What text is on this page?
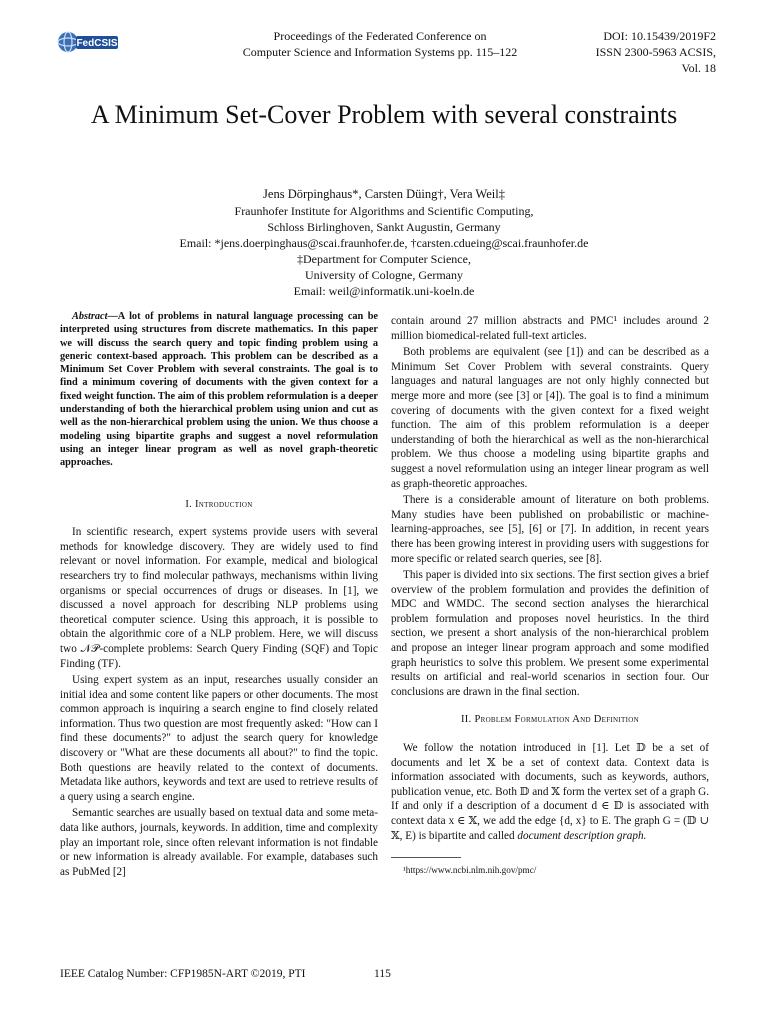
FedCSIS
Proceedings of the Federated Conference on
Computer Science and Information Systems pp. 115–122
DOI: 10.15439/2019F2
ISSN 2300-5963 ACSIS, Vol. 18
A Minimum Set-Cover Problem with several constraints
Jens Dörpinghaus*, Carsten Düing†, Vera Weil‡
Fraunhofer Institute for Algorithms and Scientific Computing,
Schloss Birlinghoven, Sankt Augustin, Germany
Email: *jens.doerpinghaus@scai.fraunhofer.de, †carsten.cdueing@scai.fraunhofer.de
‡Department for Computer Science,
University of Cologne, Germany
Email: weil@informatik.uni-koeln.de

Abstract—A lot of problems in natural language processing can be interpreted using structures from discrete mathematics. In this paper we will discuss the search query and topic finding problem using a generic context-based approach. This problem can be described as a Minimum Set Cover Problem with several constraints. The goal is to find a minimum covering of documents with the given context for a fixed weight function. The aim of this problem reformulation is a deeper understanding of both the hierarchical problem using union and cut as well as the non-hierarchical problem using the union. We thus choose a modeling using bipartite graphs and suggest a novel reformulation using an integer linear program as well as novel graph-theoretic approaches.

I. Introduction

In scientific research, expert systems provide users with several methods for knowledge discovery. They are widely used to find relevant or novel information. For example, medical and biological researchers try to find molecular pathways, mechanisms within living organisms or special occurrences of drugs or diseases. In [1], we discussed a novel approach for describing NLP problems using theoretical computer science. Using this approach, it is possible to obtain the algorithmic core of a NLP problem. Here, we will discuss two 𝒩𝒫-complete problems: Search Query Finding (SQF) and Topic Finding (TF).

Using expert system as an input, researches usually consider an initial idea and some content like papers or other documents. The most common approach is inquiring a search engine to find closely related information. Thus two question are most frequently asked: "How can I find these documents?" to adjust the search query for knowledge discovery or "What are these documents all about?" to find the topic. Both questions are heavily related to the context of documents. Metadata like authors, keywords and text are used to retrieve results of a query using a search engine.

Semantic searches are usually based on textual data and some meta-data like authors, journals, keywords. In addition, time and complexity play an important role, since often relevant information is not findable or new information is already available. For example, databases such as PubMed [2]

contain around 27 million abstracts and PMC¹ includes around 2 million biomedical-related full-text articles.

Both problems are equivalent (see [1]) and can be described as a Minimum Set Cover Problem with several constraints. Query languages and natural languages are not only highly connected but merge more and more (see [3] or [4]). The goal is to find a minimum covering of documents with the given context for a fixed weight function. The aim of this problem reformulation is a deeper understanding of both the hierarchical as well as the non-hierarchical problem. We thus choose a modeling using bipartite graphs and suggest a novel reformulation using an integer linear program as well as graph-theoretic approaches.

There is a considerable amount of literature on both problems. Many studies have been published on probabilistic or machine-learning-approaches, see [5], [6] or [7]. In addition, in recent years there has been growing interest in providing users with suggestions for more specific or related search queries, see [8].

This paper is divided into six sections. The first section gives a brief overview of the problem formulation and provides the definition of MDC and WMDC. The second section analyses the hierarchical problem formulation and proposes novel heuristics. In the third section, we present a short analysis of the non-hierarchical problem and propose an integer linear program approach and some modified graph heuristics to solve this problem. We present some experimental results on artificial and real-world scenarios in section four. Our conclusions are drawn in the final section.

II. Problem Formulation And Definition

We follow the notation introduced in [1]. Let 𝔻 be a set of documents and let 𝕏 be a set of context data. Context data is information associated with documents, such as keywords, authors, publication venue, etc. Both 𝔻 and 𝕏 form the vertex set of a graph G. If and only if a description of a document d ∈ 𝔻 is associated with context data x ∈ 𝕏, we add the edge {d, x} to E. The graph G = (𝔻 ∪ 𝕏, E) is bipartite and called document description graph.

¹https://www.ncbi.nlm.nih.gov/pmc/
IEEE Catalog Number: CFP1985N-ART ©2019, PTI	115
